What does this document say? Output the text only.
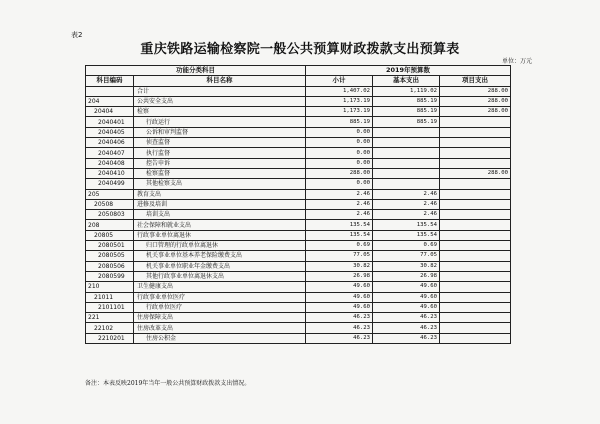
表2
重庆铁路运输检察院一般公共预算财政拨款支出预算表
单位：万元
功能分类科目		2019年预算数		
科目编码	科目名称	小计	基本支出	项目支出
	合计	1,407.02	1,119.02	288.00
204	公共安全支出	1,173.19	885.19	288.00
20404	检察	1,173.19	885.19	288.00
2040401	行政运行	885.19	885.19	
2040405	公诉和审判监督	0.00		
2040406	侦查监督	0.00		
2040407	执行监督	0.00		
2040408	控告申诉	0.00		
2040410	检察监督	288.00		288.00
2040499	其他检察支出	0.00		
205	教育支出	2.46	2.46	
20508	进修及培训	2.46	2.46	
2050803	培训支出	2.46	2.46	
208	社会保障和就业支出	135.54	135.54	
20805	行政事业单位离退休	135.54	135.54	
2080501	归口管理的行政单位离退休	0.69	0.69	
2080505	机关事业单位基本养老保险缴费支出	77.05	77.05	
2080506	机关事业单位职业年金缴费支出	30.82	30.82	
2080599	其他行政事业单位离退休支出	26.98	26.98	
210	卫生健康支出	49.60	49.60	
21011	行政事业单位医疗	49.60	49.60	
2101101	行政单位医疗	49.60	49.60	
221	住房保障支出	46.23	46.23	
22102	住房改革支出	46.23	46.23	
2210201	住房公积金	46.23	46.23	
备注：本表反映2019年当年一般公共预算财政拨款支出情况。
